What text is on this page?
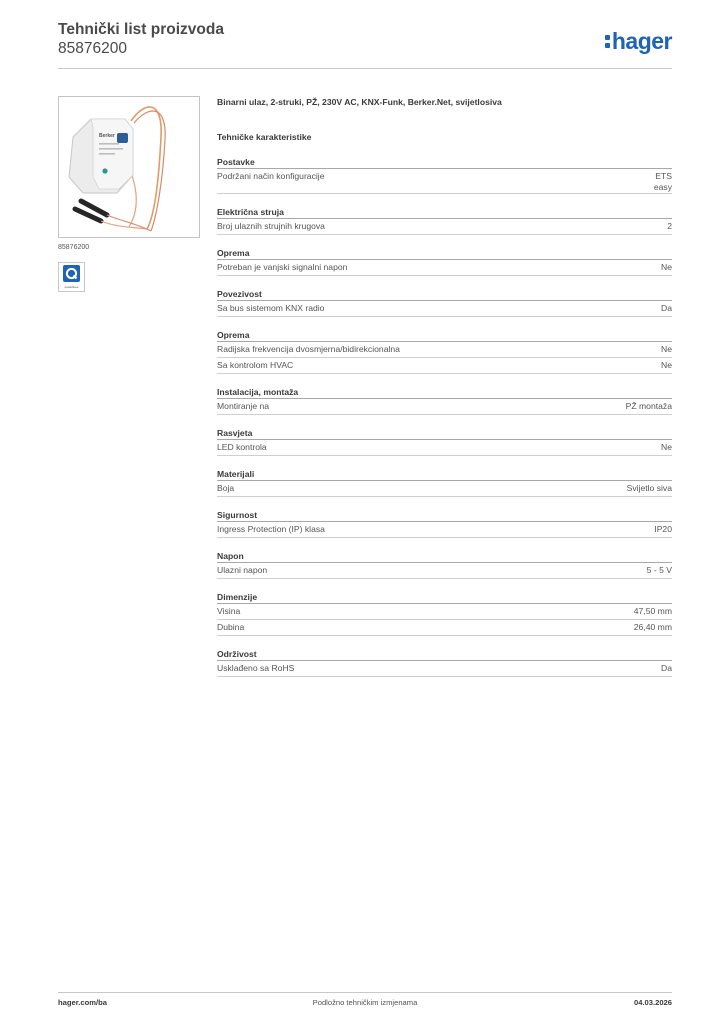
Tehnički list proizvoda
85876200	hager
Berker
85876200
quatisfeee
Binarni ulaz, 2-struki, PŽ, 230V AC, KNX-Funk, Berker.Net, svijetlosiva
Tehničke karakteristike
Postavke
Podržani način konfiguracije	ETS
easy
Električna struja
Broj ulaznih strujnih krugova	2
Oprema
Potreban je vanjski signalni napon	Ne
Povezivost
Sa bus sistemom KNX radio	Da
Oprema
Radijska frekvencija dvosmjerna/bidirekcionalna	Ne
Sa kontrolom HVAC	Ne
Instalacija, montaža
Montiranje na	PŽ montaža
Rasvjeta
LED kontrola	Ne
Materijali
Boja	Svijetlo siva
Sigurnost
Ingress Protection (IP) klasa	IP20
Napon
Ulazni napon	5 - 5 V
Dimenzije
Visina	47,50 mm
Dubina	26,40 mm
Održivost
Usklađeno sa RoHS	Da
hager.com/ba	Podložno tehničkim izmjenama	04.03.2026
